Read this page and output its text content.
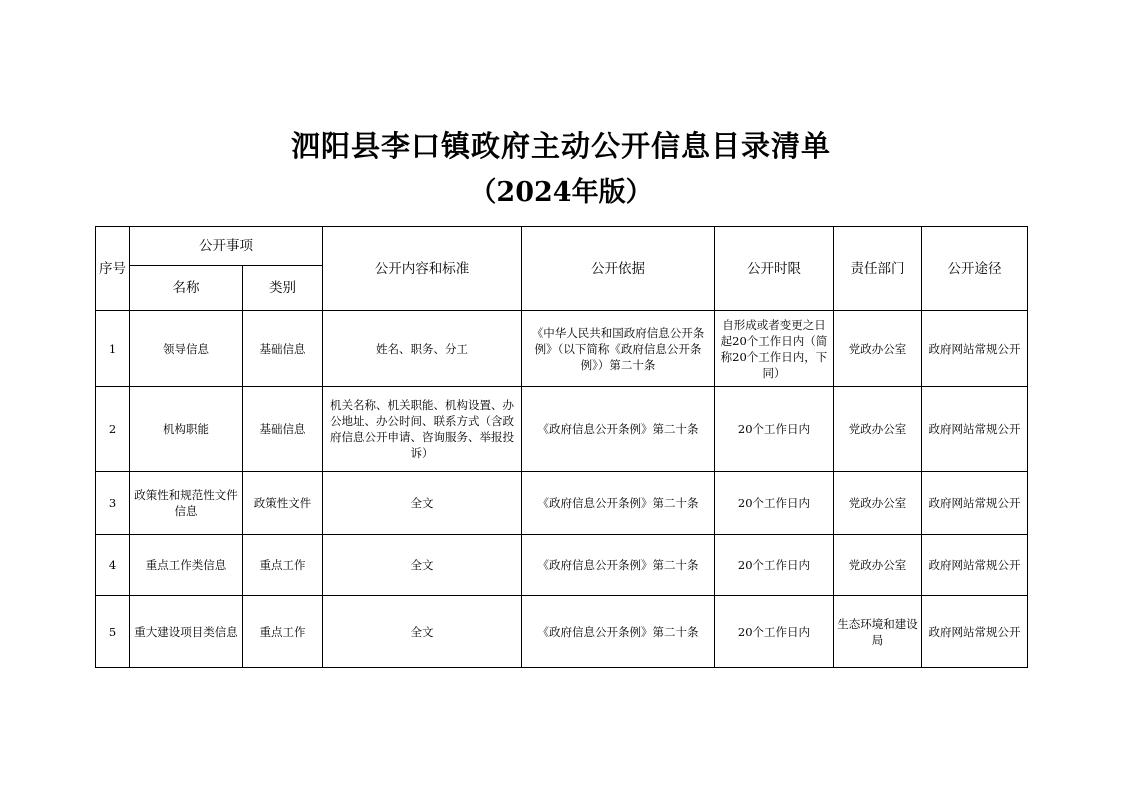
泗阳县李口镇政府主动公开信息目录清单
（2024年版）
序号	公开事项		公开内容和标准	公开依据	公开时限	责任部门	公开途径
	名称	类别					
1	领导信息	基础信息	姓名、职务、分工	《中华人民共和国政府信息公开条例》（以下简称《政府信息公开条例》）第二十条	自形成或者变更之日起20个工作日内（简称20个工作日内，下同）	党政办公室	政府网站常规公开
2	机构职能	基础信息	机关名称、机关职能、机构设置、办公地址、办公时间、联系方式（含政府信息公开申请、咨询服务、举报投诉）	《政府信息公开条例》第二十条	20个工作日内	党政办公室	政府网站常规公开
3	政策性和规范性文件信息	政策性文件	全文	《政府信息公开条例》第二十条	20个工作日内	党政办公室	政府网站常规公开
4	重点工作类信息	重点工作	全文	《政府信息公开条例》第二十条	20个工作日内	党政办公室	政府网站常规公开
5	重大建设项目类信息	重点工作	全文	《政府信息公开条例》第二十条	20个工作日内	生态环境和建设局	政府网站常规公开
